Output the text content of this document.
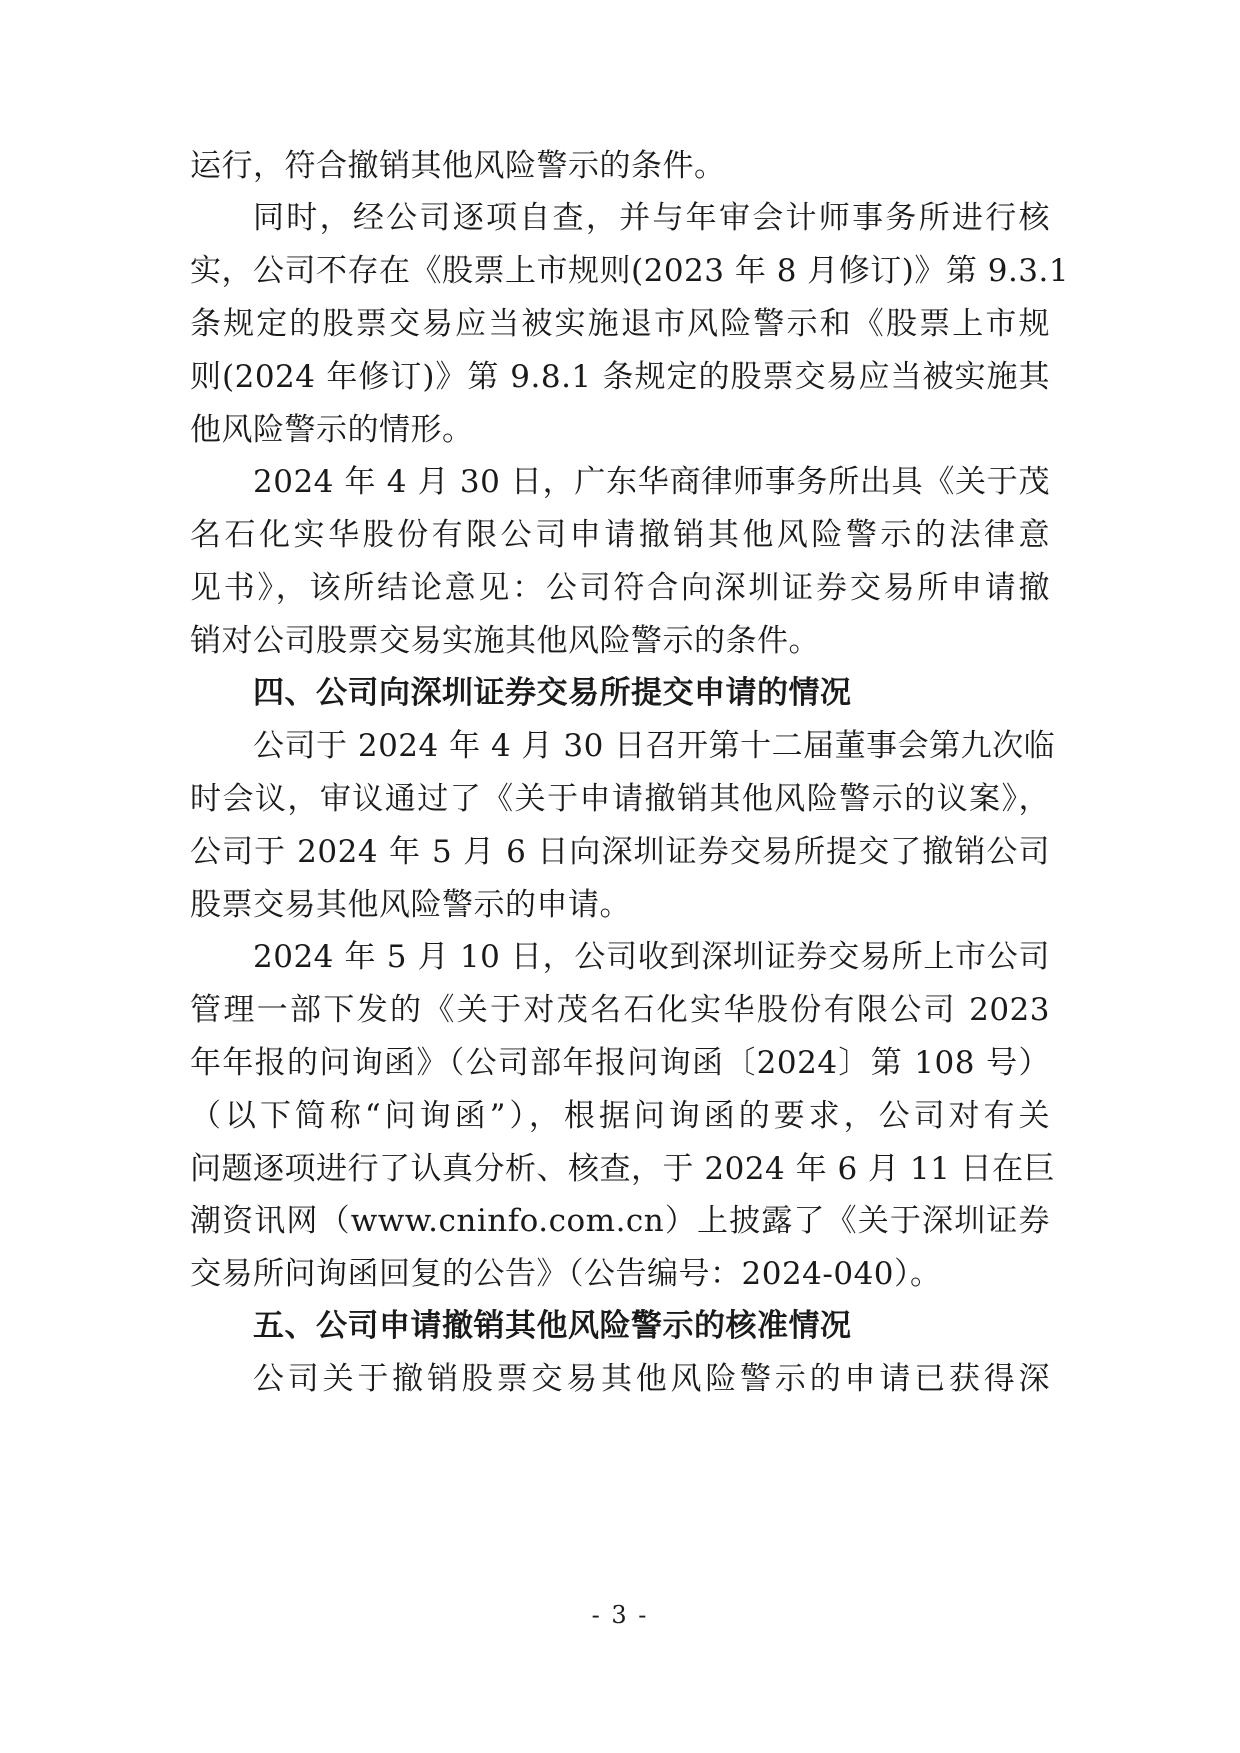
运行，符合撤销其他风险警示的条件。
同时，经公司逐项自查，并与年审会计师事务所进行核
实，公司不存在《股票上市规则(2023 年 8 月修订)》第 9.3.1
条规定的股票交易应当被实施退市风险警示和《股票上市规
则(2024 年修订)》第 9.8.1 条规定的股票交易应当被实施其
他风险警示的情形。
2024 年 4 月 30 日，广东华商律师事务所出具《关于茂
名石化实华股份有限公司申请撤销其他风险警示的法律意
见书》，该所结论意见：公司符合向深圳证券交易所申请撤
销对公司股票交易实施其他风险警示的条件。
四、公司向深圳证券交易所提交申请的情况
公司于 2024 年 4 月 30 日召开第十二届董事会第九次临
时会议，审议通过了《关于申请撤销其他风险警示的议案》，
公司于 2024 年 5 月 6 日向深圳证券交易所提交了撤销公司
股票交易其他风险警示的申请。
2024 年 5 月 10 日，公司收到深圳证券交易所上市公司
管理一部下发的《关于对茂名石化实华股份有限公司 2023
年年报的问询函》（公司部年报问询函〔2024〕第 108 号）
（以下简称“问询函”），根据问询函的要求，公司对有关
问题逐项进行了认真分析、核查，于 2024 年 6 月 11 日在巨
潮资讯网（www.cninfo.com.cn）上披露了《关于深圳证券
交易所问询函回复的公告》（公告编号：2024-040）。
五、公司申请撤销其他风险警示的核准情况
公司关于撤销股票交易其他风险警示的申请已获得深
- 3 -
